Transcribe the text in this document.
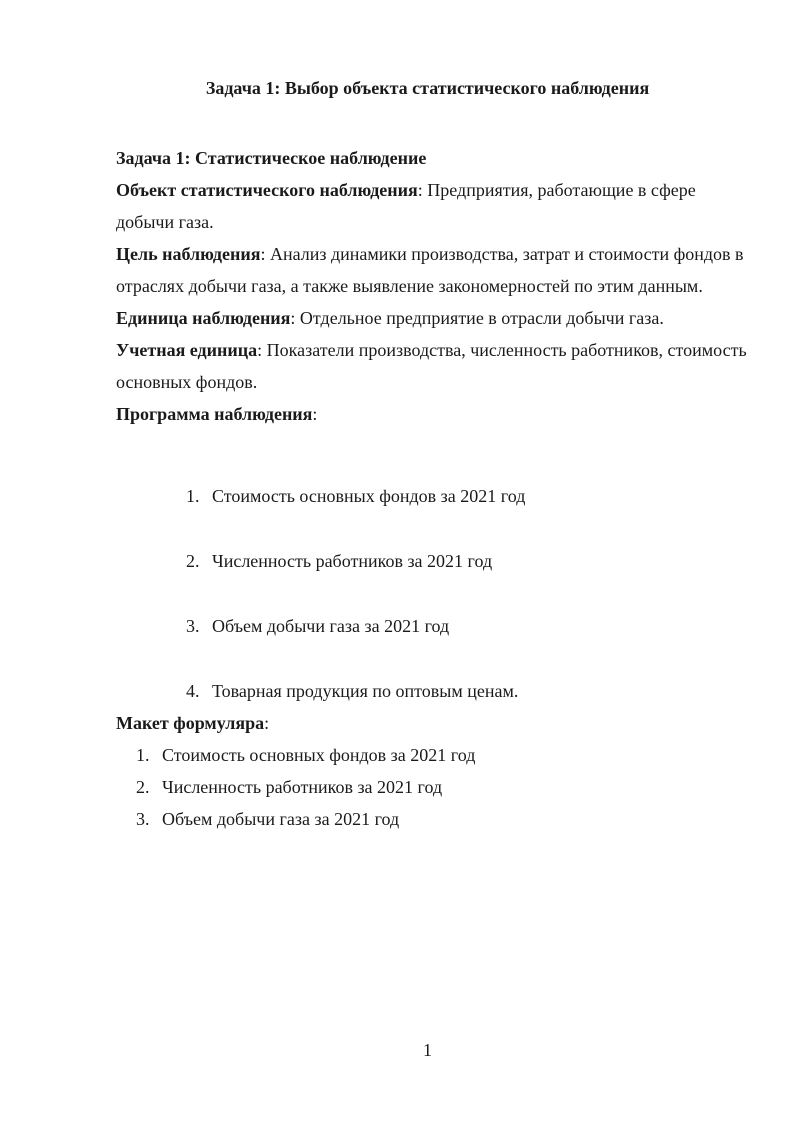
Задача 1: Выбор объекта статистического наблюдения

Задача 1: Статистическое наблюдение

Объект статистического наблюдения: Предприятия, работающие в сфере добычи газа.

Цель наблюдения: Анализ динамики производства, затрат и стоимости фондов в отраслях добычи газа, а также выявление закономерностей по этим данным.

Единица наблюдения: Отдельное предприятие в отрасли добычи газа.

Учетная единица: Показатели производства, численность работников, стоимость основных фондов.

Программа наблюдения:

1. Стоимость основных фондов за 2021 год
2. Численность работников за 2021 год
3. Объем добычи газа за 2021 год
4. Товарная продукция по оптовым ценам.

Макет формуляра:

1. Стоимость основных фондов за 2021 год
2. Численность работников за 2021 год
3. Объем добычи газа за 2021 год
1
